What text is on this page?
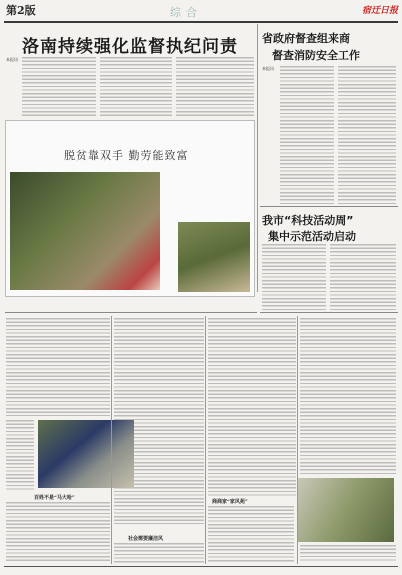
第2版	综合	宿迁日报
洛南持续强化监督执纪问责
本报讯
省政府督查组来商
督查消防安全工作
本报讯
脱贫靠双手 勤劳能致富
我市“科技活动周”
集中示范活动启动
百姓不是“马大哈”
商商家“家风苑”
社会需要廉洁风
